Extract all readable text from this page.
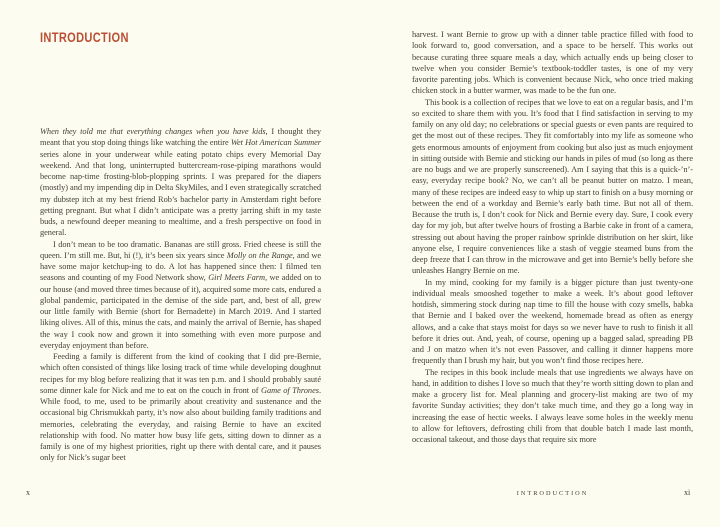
INTRODUCTION

When they told me that everything changes when you have kids, I thought they meant that you stop doing things like watching the entire Wet Hot American Summer series alone in your underwear while eating potato chips every Memorial Day weekend. And that long, uninterrupted buttercream-rose-piping marathons would become nap-time frosting-blob-plopping sprints. I was prepared for the diapers (mostly) and my impending dip in Delta SkyMiles, and I even strategically scratched my dubstep itch at my best friend Rob’s bachelor party in Amsterdam right before getting pregnant. But what I didn’t anticipate was a pretty jarring shift in my taste buds, a newfound deeper meaning to mealtime, and a fresh perspective on food in general.

I don’t mean to be too dramatic. Bananas are still gross. Fried cheese is still the queen. I’m still me. But, hi (!), it’s been six years since Molly on the Range, and we have some major ketchup-ing to do. A lot has happened since then: I filmed ten seasons and counting of my Food Network show, Girl Meets Farm, we added on to our house (and moved three times because of it), acquired some more cats, endured a global pandemic, participated in the demise of the side part, and, best of all, grew our little family with Bernie (short for Bernadette) in March 2019. And I started liking olives. All of this, minus the cats, and mainly the arrival of Bernie, has shaped the way I cook now and grown it into something with even more purpose and everyday enjoyment than before.

Feeding a family is different from the kind of cooking that I did pre-Bernie, which often consisted of things like losing track of time while developing doughnut recipes for my blog before realizing that it was ten p.m. and I should probably sauté some dinner kale for Nick and me to eat on the couch in front of Game of Thrones. While food, to me, used to be primarily about creativity and sustenance and the occasional big Chrismukkah party, it’s now also about building family traditions and memories, celebrating the everyday, and raising Bernie to have an excited relationship with food. No matter how busy life gets, sitting down to dinner as a family is one of my highest priorities, right up there with dental care, and it pauses only for Nick’s sugar beet

x

harvest. I want Bernie to grow up with a dinner table practice filled with food to look forward to, good conversation, and a space to be herself. This works out because curating three square meals a day, which actually ends up being closer to twelve when you consider Bernie’s textbook-toddler tastes, is one of my very favorite parenting jobs. Which is convenient because Nick, who once tried making chicken stock in a butter warmer, was made to be the fun one.

This book is a collection of recipes that we love to eat on a regular basis, and I’m so excited to share them with you. It’s food that I find satisfaction in serving to my family on any old day; no celebrations or special guests or even pants are required to get the most out of these recipes. They fit comfortably into my life as someone who gets enormous amounts of enjoyment from cooking but also just as much enjoyment in sitting outside with Bernie and sticking our hands in piles of mud (so long as there are no bugs and we are properly sunscreened). Am I saying that this is a quick-’n’-easy, everyday recipe book? No, we can’t all be peanut butter on matzo. I mean, many of these recipes are indeed easy to whip up start to finish on a busy morning or between the end of a workday and Bernie’s early bath time. But not all of them. Because the truth is, I don’t cook for Nick and Bernie every day. Sure, I cook every day for my job, but after twelve hours of frosting a Barbie cake in front of a camera, stressing out about having the proper rainbow sprinkle distribution on her skirt, like anyone else, I require conveniences like a stash of veggie steamed buns from the deep freeze that I can throw in the microwave and get into Bernie’s belly before she unleashes Hangry Bernie on me.

In my mind, cooking for my family is a bigger picture than just twenty-one individual meals smooshed together to make a week. It’s about good leftover hotdish, simmering stock during nap time to fill the house with cozy smells, babka that Bernie and I baked over the weekend, homemade bread as often as energy allows, and a cake that stays moist for days so we never have to rush to finish it all before it dries out. And, yeah, of course, opening up a bagged salad, spreading PB and J on matzo when it’s not even Passover, and calling it dinner happens more frequently than I brush my hair, but you won’t find those recipes here.

The recipes in this book include meals that use ingredients we always have on hand, in addition to dishes I love so much that they’re worth sitting down to plan and make a grocery list for. Meal planning and grocery-list making are two of my favorite Sunday activities; they don’t take much time, and they go a long way in increasing the ease of hectic weeks. I always leave some holes in the weekly menu to allow for leftovers, defrosting chili from that double batch I made last month, occasional takeout, and those days that require six more

INTRODUCTION	xi
